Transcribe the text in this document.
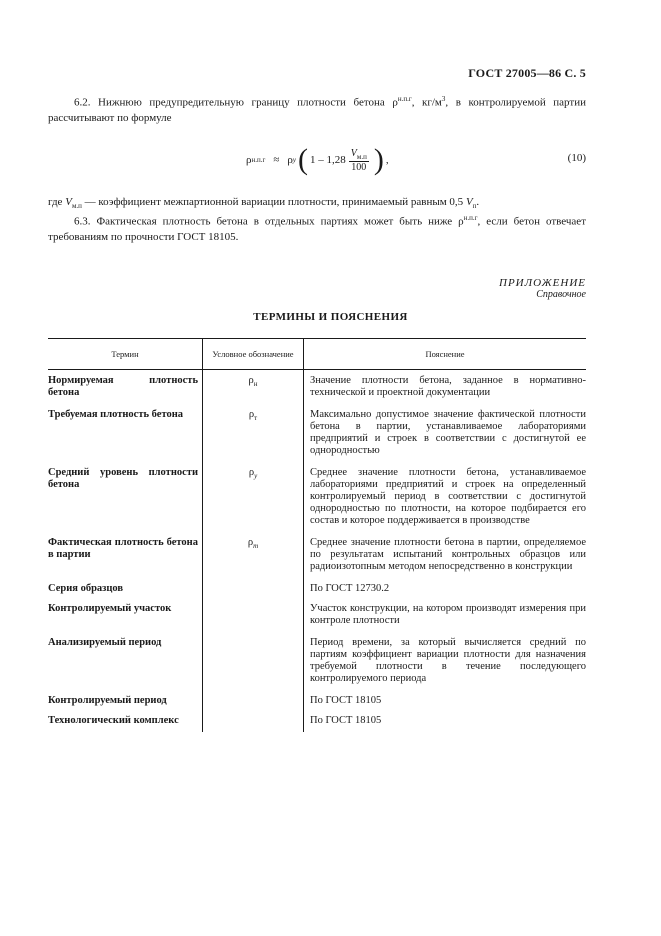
ГОСТ 27005—86 С. 5

6.2. Нижнюю предупредительную границу плотности бетона $\rho^{н.п.г}$, $кг/м^3$, в контролируемой партии рассчитывают по формуле

ρ н.п.г ≈ ρ у ( $1 - 1,28 \frac{V_{м.п}}{100}$ ) ,	(10)

где $V_{м.п}$ — коэффициент межпартионной вариации плотности, принимаемый равным 0,5 $V_п$.

6.3. Фактическая плотность бетона в отдельных партиях может быть ниже $\rho^{н.п.г}$, если бетон отвечает требованиям по прочности ГОСТ 18105.

ПРИЛОЖЕНИЕ
Справочное
ТЕРМИНЫ И ПОЯСНЕНИЯ
Термин	Условное обозначение	Пояснение
Нормируемая плотность бетона	$\rho_н$	Значение плотности бетона, заданное в нормативно-технической и проектной документации
Требуемая плотность бетона	$\rho_т$	Максимально допустимое значение фактической плотности бетона в партии, устанавливаемое лабораториями предприятий и строек в соответствии с достигнутой ее однородностью
Средний уровень плотности бетона	$\rho_у$	Среднее значение плотности бетона, устанавливаемое лабораториями предприятий и строек на определенный контролируемый период в соответствии с достигнутой однородностью по плотности, на которое подбирается его состав и которое поддерживается в производстве
Фактическая плотность бетона в партии	$\rho_m$	Среднее значение плотности бетона в партии, определяемое по результатам испытаний контрольных образцов или радиоизотопным методом непосредственно в конструкции
Серия образцов		По ГОСТ 12730.2
Контролируемый участок		Участок конструкции, на котором производят измерения при контроле плотности
Анализируемый период		Период времени, за который вычисляется средний по партиям коэффициент вариации плотности для назначения требуемой плотности в течение последующего контролируемого периода
Контролируемый период		По ГОСТ 18105
Технологический комплекс		По ГОСТ 18105
